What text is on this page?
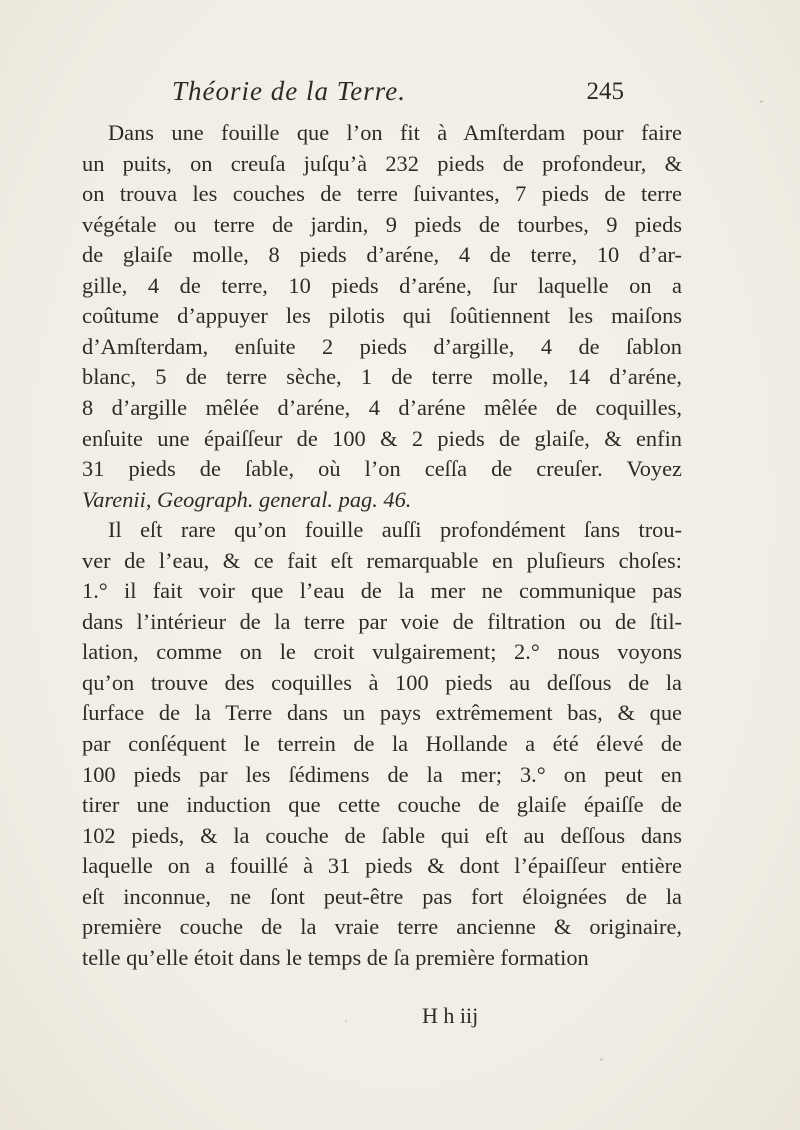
Théorie de la Terre.	245
Dans une fouille que l’on fit à Amſterdam pour faire
un puits, on creuſa juſqu’à 232 pieds de profondeur, &
on trouva les couches de terre ſuivantes, 7 pieds de terre
végétale ou terre de jardin, 9 pieds de tourbes, 9 pieds
de glaiſe molle, 8 pieds d’aréne, 4 de terre, 10 d’ar-
gille, 4 de terre, 10 pieds d’aréne, ſur laquelle on a
coûtume d’appuyer les pilotis qui ſoûtiennent les maiſons
d’Amſterdam, enſuite 2 pieds d’argille, 4 de ſablon
blanc, 5 de terre sèche, 1 de terre molle, 14 d’aréne,
8 d’argille mêlée d’aréne, 4 d’aréne mêlée de coquilles,
enſuite une épaiſſeur de 100 & 2 pieds de glaiſe, & enfin
31 pieds de ſable, où l’on ceſſa de creuſer. Voyez
Varenii, Geograph. general. pag. 46.
Il eſt rare qu’on fouille auſſi profondément ſans trou-
ver de l’eau, & ce fait eſt remarquable en pluſieurs choſes:
1.° il fait voir que l’eau de la mer ne communique pas
dans l’intérieur de la terre par voie de filtration ou de ſtil-
lation, comme on le croit vulgairement; 2.° nous voyons
qu’on trouve des coquilles à 100 pieds au deſſous de la
ſurface de la Terre dans un pays extrêmement bas, & que
par conſéquent le terrein de la Hollande a été élevé de
100 pieds par les ſédimens de la mer; 3.° on peut en
tirer une induction que cette couche de glaiſe épaiſſe de
102 pieds, & la couche de ſable qui eſt au deſſous dans
laquelle on a fouillé à 31 pieds & dont l’épaiſſeur entière
eſt inconnue, ne ſont peut-être pas fort éloignées de la
première couche de la vraie terre ancienne & originaire,
telle qu’elle étoit dans le temps de ſa première formation
H h iij
